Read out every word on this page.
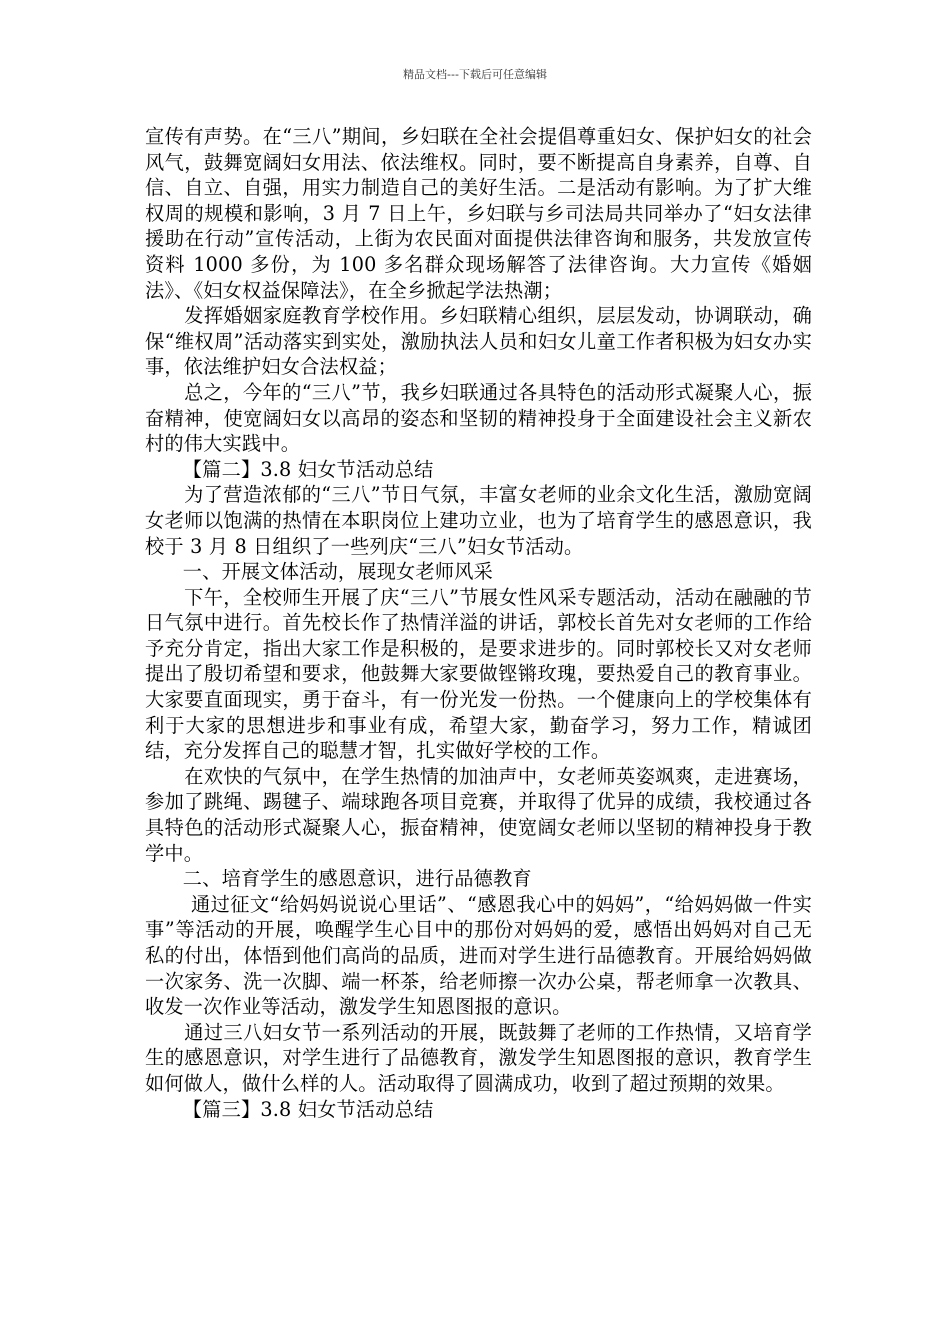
精品文档---下载后可任意编辑

宣传有声势。在“三八”期间，乡妇联在全社会提倡尊重妇女、保护妇女的社会风气，鼓舞宽阔妇女用法、依法维权。同时，要不断提高自身素养，自尊、自信、自立、自强，用实力制造自己的美好生活。二是活动有影响。为了扩大维权周的规模和影响，3 月 7 日上午，乡妇联与乡司法局共同举办了“妇女法律援助在行动”宣传活动，上街为农民面对面提供法律咨询和服务，共发放宣传资料 1000 多份，为 100 多名群众现场解答了法律咨询。大力宣传《婚姻法》、《妇女权益保障法》，在全乡掀起学法热潮；

发挥婚姻家庭教育学校作用。乡妇联精心组织，层层发动，协调联动，确保“维权周”活动落实到实处，激励执法人员和妇女儿童工作者积极为妇女办实事，依法维护妇女合法权益；

总之，今年的“三八”节，我乡妇联通过各具特色的活动形式凝聚人心，振奋精神，使宽阔妇女以高昂的姿态和坚韧的精神投身于全面建设社会主义新农村的伟大实践中。

【篇二】3.8 妇女节活动总结

为了营造浓郁的“三八”节日气氛，丰富女老师的业余文化生活，激励宽阔女老师以饱满的热情在本职岗位上建功立业，也为了培育学生的感恩意识，我校于 3 月 8 日组织了一些列庆“三八”妇女节活动。

一、开展文体活动，展现女老师风采

下午，全校师生开展了庆“三八”节展女性风采专题活动，活动在融融的节日气氛中进行。首先校长作了热情洋溢的讲话，郭校长首先对女老师的工作给予充分肯定，指出大家工作是积极的，是要求进步的。同时郭校长又对女老师提出了殷切希望和要求，他鼓舞大家要做铿锵玫瑰，要热爱自己的教育事业。大家要直面现实，勇于奋斗，有一份光发一份热。一个健康向上的学校集体有利于大家的思想进步和事业有成，希望大家，勤奋学习，努力工作，精诚团结，充分发挥自己的聪慧才智，扎实做好学校的工作。

在欢快的气氛中，在学生热情的加油声中，女老师英姿飒爽，走进赛场，参加了跳绳、踢毽子、端球跑各项目竞赛，并取得了优异的成绩，我校通过各具特色的活动形式凝聚人心，振奋精神，使宽阔女老师以坚韧的精神投身于教学中。

二、培育学生的感恩意识，进行品德教育

通过征文“给妈妈说说心里话”、“感恩我心中的妈妈”，“给妈妈做一件实事”等活动的开展，唤醒学生心目中的那份对妈妈的爱，感悟出妈妈对自己无私的付出，体悟到他们高尚的品质，进而对学生进行品德教育。开展给妈妈做一次家务、洗一次脚、端一杯茶，给老师擦一次办公桌，帮老师拿一次教具、收发一次作业等活动，激发学生知恩图报的意识。

通过三八妇女节一系列活动的开展，既鼓舞了老师的工作热情，又培育学生的感恩意识，对学生进行了品德教育，激发学生知恩图报的意识，教育学生如何做人，做什么样的人。活动取得了圆满成功，收到了超过预期的效果。

【篇三】3.8 妇女节活动总结
